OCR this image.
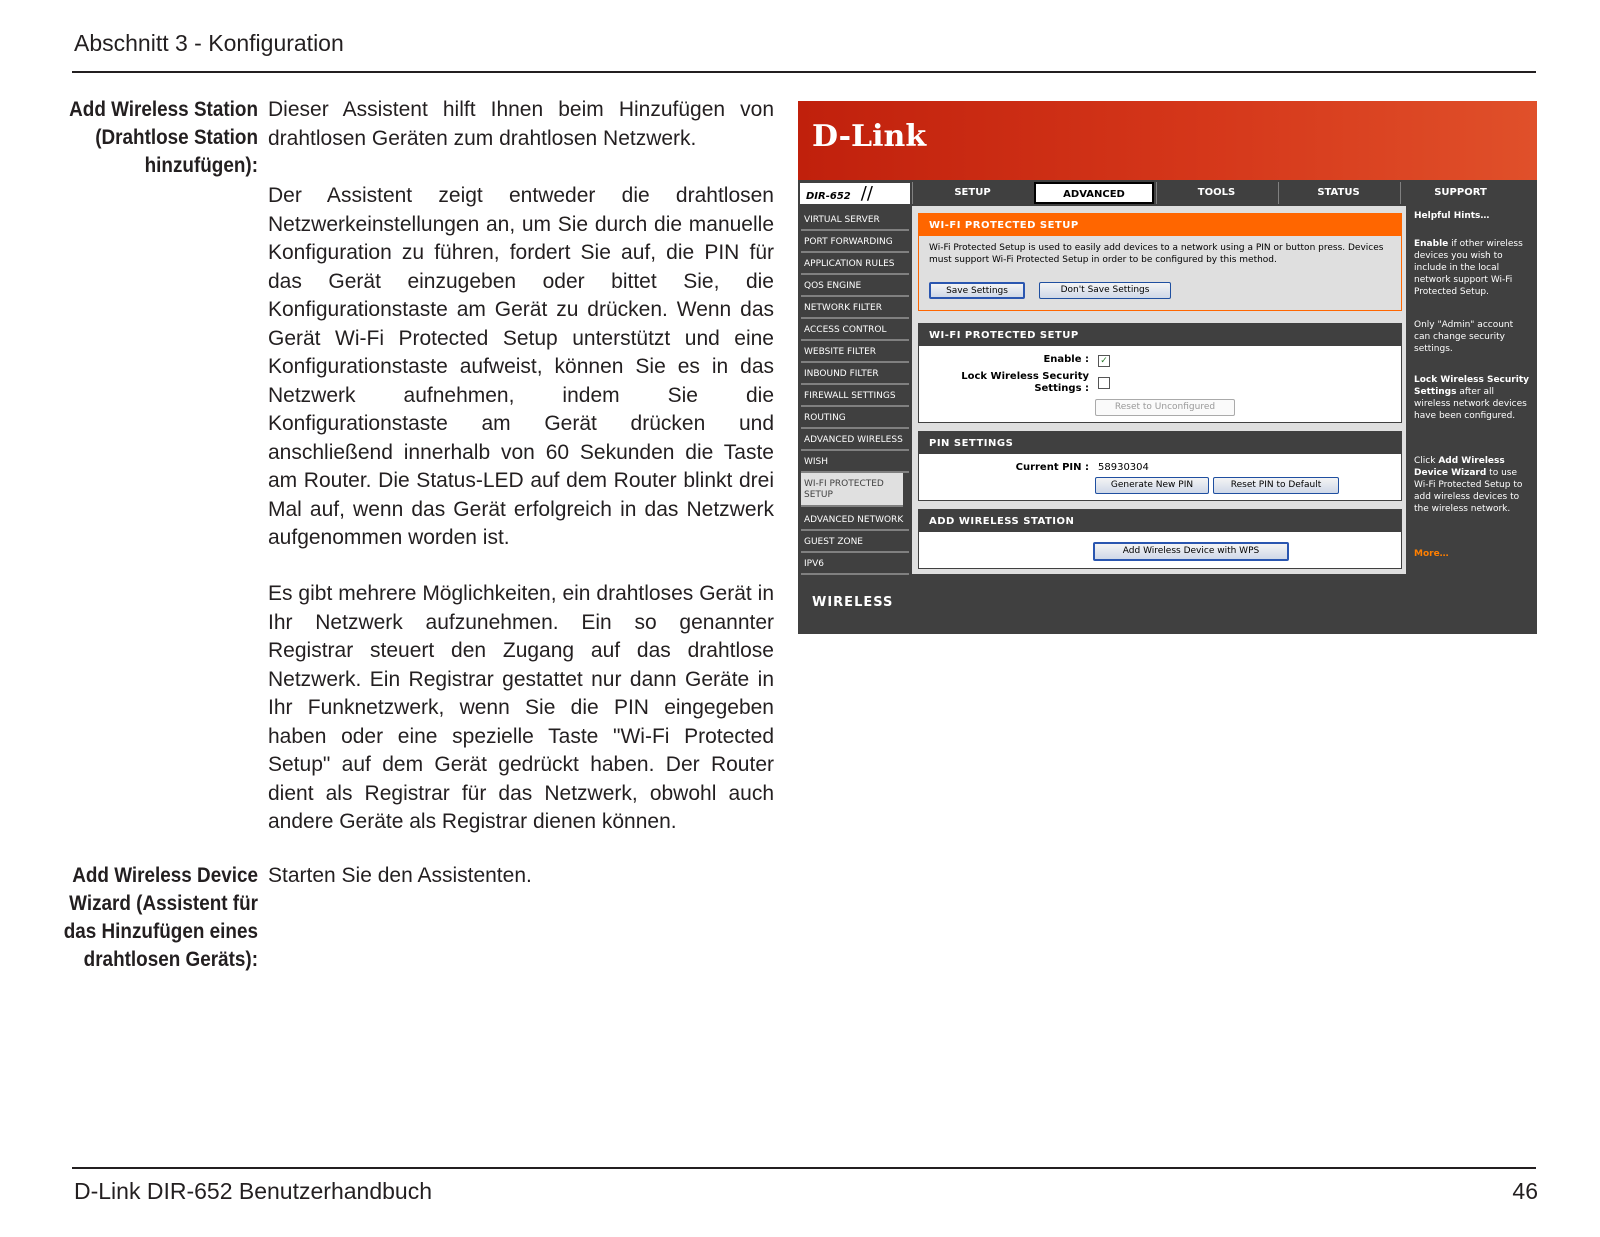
Abschnitt 3 - Konfiguration
Add Wireless Station (Drahtlose Station hinzufügen):
Dieser Assistent hilft Ihnen beim Hinzufügen von drahtlosen Geräten zum drahtlosen Netzwerk.
Der Assistent zeigt entweder die drahtlosen Netzwerkeinstellungen an, um Sie durch die manuelle Konfiguration zu führen, fordert Sie auf, die PIN für das Gerät einzugeben oder bittet Sie, die Konfigurationstaste am Gerät zu drücken. Wenn das Gerät Wi-Fi Protected Setup unterstützt und eine Konfigurationstaste aufweist, können Sie es in das Netzwerk aufnehmen, indem Sie die Konfigurationstaste am Gerät drücken und anschließend innerhalb von 60 Sekunden die Taste am Router. Die Status-LED auf dem Router blinkt drei Mal auf, wenn das Gerät erfolgreich in das Netzwerk aufgenommen worden ist.
Es gibt mehrere Möglichkeiten, ein drahtloses Gerät in Ihr Netzwerk aufzunehmen. Ein so genannter Registrar steuert den Zugang auf das drahtlose Netzwerk. Ein Registrar gestattet nur dann Geräte in Ihr Funknetzwerk, wenn Sie die PIN eingegeben haben oder eine spezielle Taste "Wi-Fi Protected Setup" auf dem Gerät gedrückt haben. Der Router dient als Registrar für das Netzwerk, obwohl auch andere Geräte als Registrar dienen können.
Add Wireless Device Wizard (Assistent für das Hinzufügen eines drahtlosen Geräts):
Starten Sie den Assistenten.
D-Link
DIR-652 //	SETUP	ADVANCED	TOOLS	STATUS	SUPPORT
VIRTUAL SERVER
PORT FORWARDING
APPLICATION RULES
QOS ENGINE
NETWORK FILTER
ACCESS CONTROL
WEBSITE FILTER
INBOUND FILTER
FIREWALL SETTINGS
ROUTING
ADVANCED WIRELESS
WISH
WI-FI PROTECTED SETUP
ADVANCED NETWORK
GUEST ZONE
IPV6
WI-FI PROTECTED SETUP
Wi-Fi Protected Setup is used to easily add devices to a network using a PIN or button press. Devices must support Wi-Fi Protected Setup in order to be configured by this method.
Save Settings	Don't Save Settings
WI-FI PROTECTED SETUP
Enable : ✓
Lock Wireless Security
Settings :
Reset to Unconfigured
PIN SETTINGS
Current PIN : 58930304
Generate New PIN	Reset PIN to Default
ADD WIRELESS STATION
Add Wireless Device with WPS

Helpful Hints…

Enable if other wireless devices you wish to include in the local network support Wi-Fi Protected Setup.

Only "Admin" account can change security settings.

Lock Wireless Security Settings after all wireless network devices have been configured.

Click Add Wireless Device Wizard to use Wi-Fi Protected Setup to add wireless devices to the wireless network.

More…

WIRELESS
D-Link DIR-652 Benutzerhandbuch	46
